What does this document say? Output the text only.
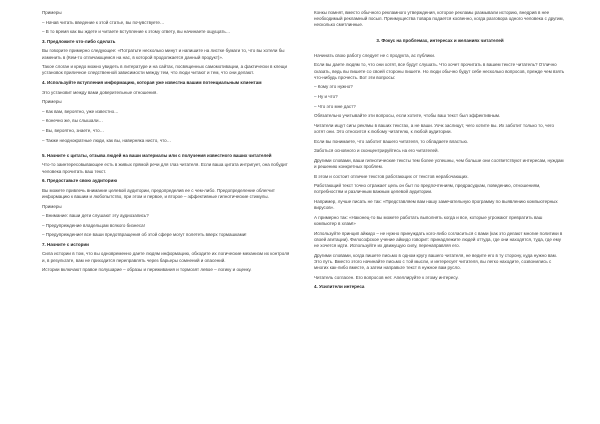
Примеры
– Начав читать введение к этой статье, вы почувствуете…
– В то время как вы ждете и читаете вступление к этому ответу, вы начинаете ощущать…
3. Предложите что-либо сделать
Вы говорите примерно следующее: «Потратьте несколько минут и напишите на листке бумаги то, что вы хотели бы изменить в (Кем-то отличающемся на нас, в которой продолжается данный продукт)».
Такое слоган и кредо можно увидеть в литературе и на сайтах, посвященных самомотивации, а фактически в клещи установок приличное следственной зависимости между тем, что люди читают и тем, что они делают.
4. Используйте вступления информацию, которая уже известна вашим потенциальным клиентам
Это установит между вами доверительные отношения.
Примеры
– Как вам, вероятно, уже известно…
– Конечно же, вы слышали…
– Вы, вероятно, знаете, что…
– Также неоднократные люди, как вы, наверняка нисто, что…
5. Начните с цитаты, отзыва людей на ваши материалы или с получения известного ваших читателей
Что-то заинтересовывающее есть в живых прямой речи для глаз читателя. Если ваша цитата интригует, она побудит человека прочитать ваш текст.
6. Предоставьте свою аудиторию
Вы можете привлечь внимание целевой аудитории, предопределив ее с чем-либо. Предопределение облегчит информацию к вашим и любопытство, при этом и первое, и второе – эффективные гипнотические стимулы.
Примеры
– Внимание: ваши дети слушают эту аудиозапись?
– Предупреждение владельцам всякого бизнеса!
– Предупреждение! все ваши предотвращения об этой сфере могут полететь вверх тормашками!
7. Начните с истории
Сила истории в том, что вы одновременно даете людям информацию, обходите их логические механизм их контроля и, в результате, вам не приходится переправлять через барьеры сомнений и опасений.
Истории включают правое полушарие – образы и переживания и тормозят левое – логику и оценку.
Конкы помнят, вместо обычного рекламного утверждения, которое рекламы размывали историю, внедрив в нее необходимый рекламный посыл. Преимущества товара подается косвенно, когда разговора одного человека с другим, несколько сметлинные.
3. Фокус на проблемах, интересах и желаниях читателей
Начинать свою работу следует не с продукта, ас публики.
Если вы даете людям то, что они хотят, все будут слушать. Что хочет прочитать в вашем тексте читатель? Отлично сказать, ведь вы пишете со своей стороны пишете. Но люди обычно будут себе несколько вопросов, прежде чем взять что-нибудь прочесть. Вот эти вопросы:
– Кому это нужно?
– Ну и что?
– Что это мне даст?
Обязательно учитывайте эти вопросы, если хотите, чтобы ваш текст был эффективным.
Читатели ищут сигы реклмы в ваших текстах, а не ваши. Уочк заслицут, чего хотите вы. Их заботит только то, чего хотят они. Это относится к любому читателю, к любой аудитории.
Если вы понимаете, что заботит вашего читателя, то обладаете властью.
Заботься основного и сконцентрируйтесь на его читателей.
Другими словами, ваши гипнотические тексты тем более успешны, чем больше они соответствуют интересам, нуждам и решению конкретных проблем.
В этом и состоит отличие текстов работающих от текстов нерабочающих.
Работающий текст точно отражает цель он быт по предпочтениям, предрасудкам, поведению, отношениям, потребностям и различным важным целевой аудитории.
Например, лучше писать не так: «Представляем вам нашу замечательную программу по выявлению компьютерных вирусов».
А примерно так: «Наконец-то вы можете работать выполнять когда и все, которые угрожают превратить ваш компьютер в хлам!»
Используйте принцип айкидо – не нужно принуждать кого-либо согласиться с вами (как это делают многие политики в своей агитации). Философское учение айкидо говорит: принадлежите людей оттуда, где они находятся, туда, где ему не хочется идти. Используйте их движущую силу, перенаправляя его.
Другими словами, когда пишете письмо в одном кругу вашего читателя, не ведите его в ту сторону, куда нужно вам. Это путь. Вместо этого начинайте письмо с той мысли, и интересует читателя, вы легко находите, созвонились с многих как-либо вместе, а затем направьте текст в нужное вам русло.
Читатель согласен. Его вопросов нет. Апеллируйте к этому интересу.
4. Усилители интереса
